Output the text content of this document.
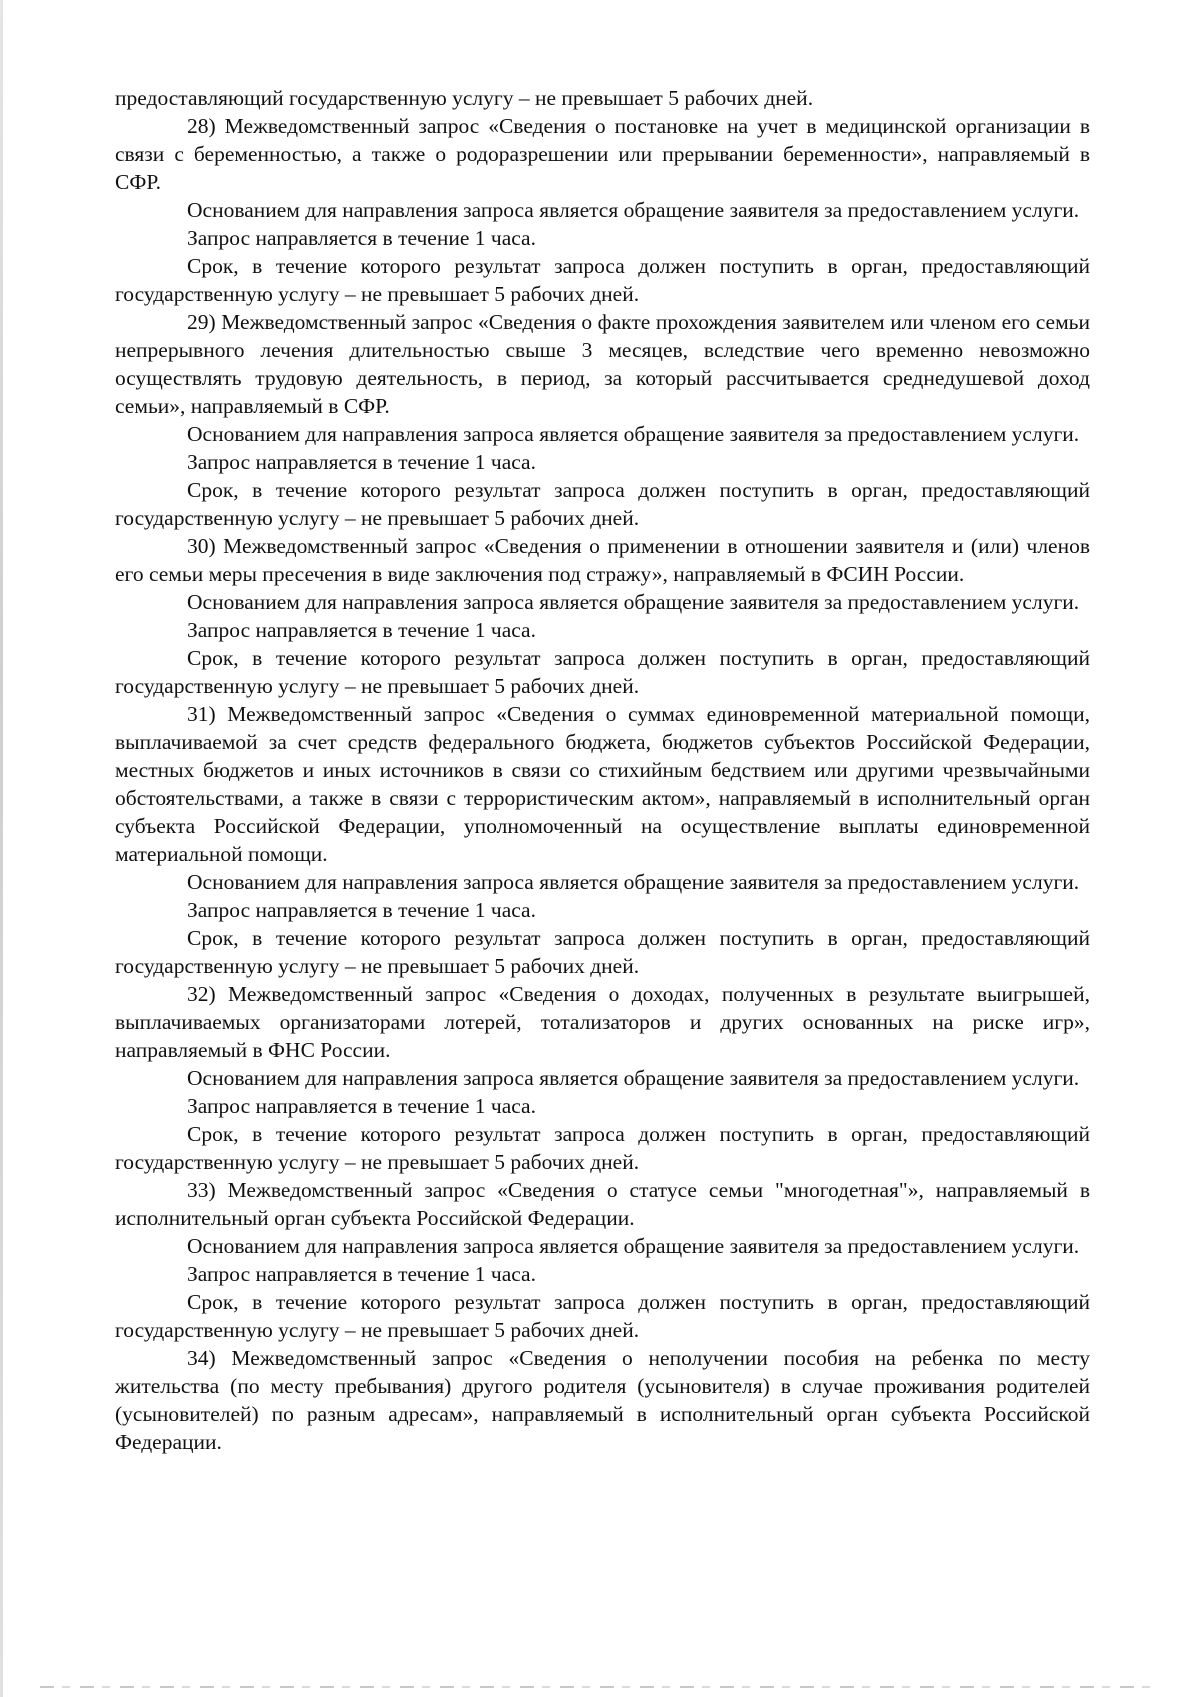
предоставляющий государственную услугу – не превышает 5 рабочих дней.

28) Межведомственный запрос «Сведения о постановке на учет в медицинской организации в связи с беременностью, а также о родоразрешении или прерывании беременности», направляемый в СФР.

Основанием для направления запроса является обращение заявителя за предоставлением услуги.

Запрос направляется в течение 1 часа.

Срок, в течение которого результат запроса должен поступить в орган, предоставляющий государственную услугу – не превышает 5 рабочих дней.

29) Межведомственный запрос «Сведения о факте прохождения заявителем или членом его семьи непрерывного лечения длительностью свыше 3 месяцев, вследствие чего временно невозможно осуществлять трудовую деятельность, в период, за который рассчитывается среднедушевой доход семьи», направляемый в СФР.

Основанием для направления запроса является обращение заявителя за предоставлением услуги.

Запрос направляется в течение 1 часа.

Срок, в течение которого результат запроса должен поступить в орган, предоставляющий государственную услугу – не превышает 5 рабочих дней.

30) Межведомственный запрос «Сведения о применении в отношении заявителя и (или) членов его семьи меры пресечения в виде заключения под стражу», направляемый в ФСИН России.

Основанием для направления запроса является обращение заявителя за предоставлением услуги.

Запрос направляется в течение 1 часа.

Срок, в течение которого результат запроса должен поступить в орган, предоставляющий государственную услугу – не превышает 5 рабочих дней.

31) Межведомственный запрос «Сведения о суммах единовременной материальной помощи, выплачиваемой за счет средств федерального бюджета, бюджетов субъектов Российской Федерации, местных бюджетов и иных источников в связи со стихийным бедствием или другими чрезвычайными обстоятельствами, а также в связи с террористическим актом», направляемый в исполнительный орган субъекта Российской Федерации, уполномоченный на осуществление выплаты единовременной материальной помощи.

Основанием для направления запроса является обращение заявителя за предоставлением услуги.

Запрос направляется в течение 1 часа.

Срок, в течение которого результат запроса должен поступить в орган, предоставляющий государственную услугу – не превышает 5 рабочих дней.

32) Межведомственный запрос «Сведения о доходах, полученных в результате выигрышей, выплачиваемых организаторами лотерей, тотализаторов и других основанных на риске игр», направляемый в ФНС России.

Основанием для направления запроса является обращение заявителя за предоставлением услуги.

Запрос направляется в течение 1 часа.

Срок, в течение которого результат запроса должен поступить в орган, предоставляющий государственную услугу – не превышает 5 рабочих дней.

33) Межведомственный запрос «Сведения о статусе семьи "многодетная"», направляемый в исполнительный орган субъекта Российской Федерации.

Основанием для направления запроса является обращение заявителя за предоставлением услуги.

Запрос направляется в течение 1 часа.

Срок, в течение которого результат запроса должен поступить в орган, предоставляющий государственную услугу – не превышает 5 рабочих дней.

34) Межведомственный запрос «Сведения о неполучении пособия на ребенка по месту жительства (по месту пребывания) другого родителя (усыновителя) в случае проживания родителей (усыновителей) по разным адресам», направляемый в исполнительный орган субъекта Российской Федерации.
